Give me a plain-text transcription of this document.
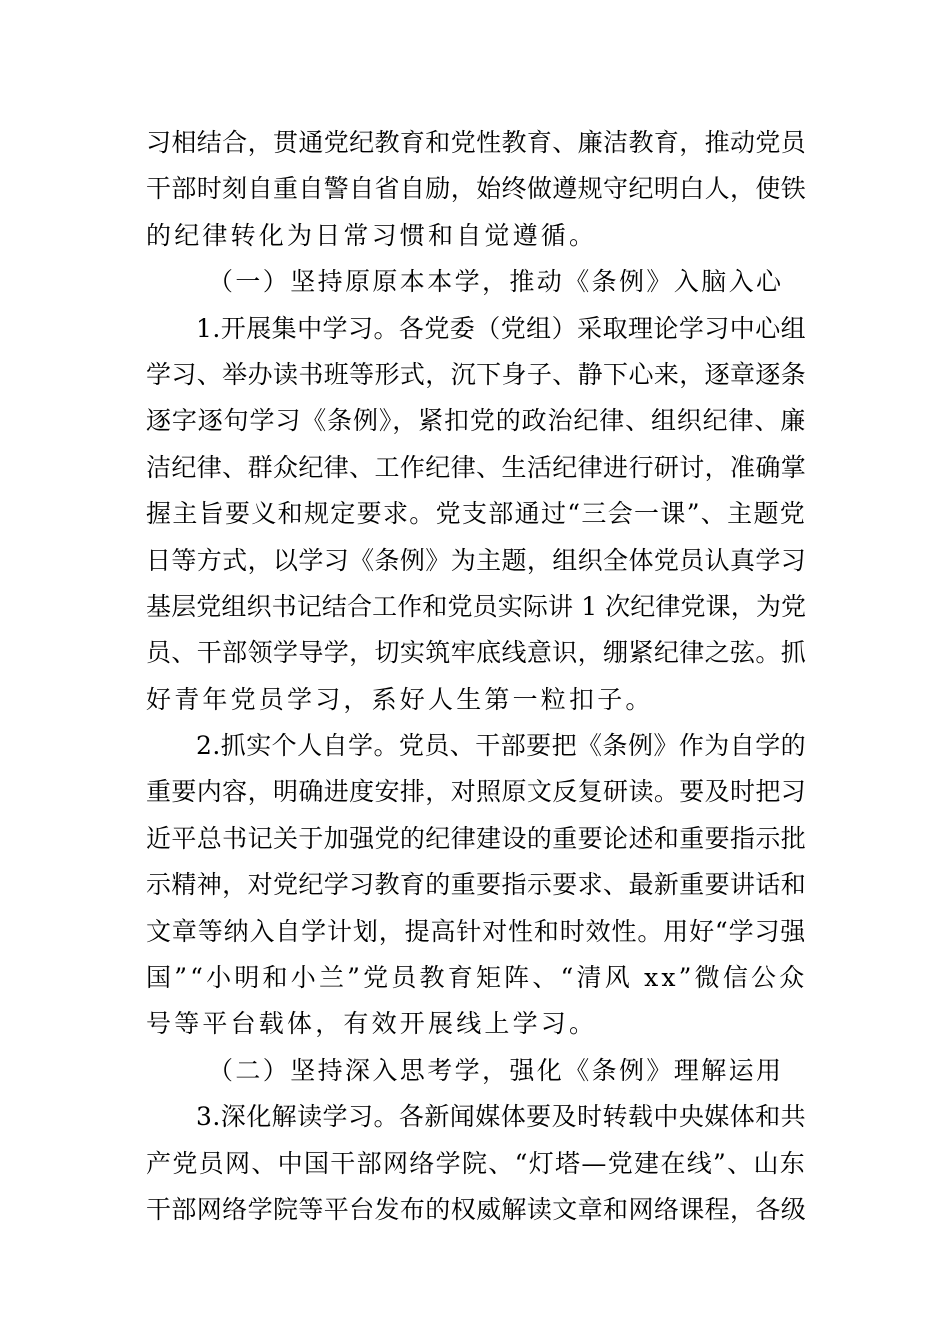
习相结合，贯通党纪教育和党性教育、廉洁教育，推动党员
干部时刻自重自警自省自励，始终做遵规守纪明白人，使铁
的纪律转化为日常习惯和自觉遵循。
（一）坚持原原本本学，推动《条例》入脑入心
1.开展集中学习。各党委（党组）采取理论学习中心组
学习、举办读书班等形式，沉下身子、静下心来，逐章逐条
逐字逐句学习《条例》，紧扣党的政治纪律、组织纪律、廉
洁纪律、群众纪律、工作纪律、生活纪律进行研讨，准确掌
握主旨要义和规定要求。党支部通过“三会一课”、主题党
日等方式，以学习《条例》为主题，组织全体党员认真学习
基层党组织书记结合工作和党员实际讲 1 次纪律党课，为党
员、干部领学导学，切实筑牢底线意识，绷紧纪律之弦。抓
好青年党员学习，系好人生第一粒扣子。
2.抓实个人自学。党员、干部要把《条例》作为自学的
重要内容，明确进度安排，对照原文反复研读。要及时把习
近平总书记关于加强党的纪律建设的重要论述和重要指示批
示精神，对党纪学习教育的重要指示要求、最新重要讲话和
文章等纳入自学计划，提高针对性和时效性。用好“学习强
国”“小明和小兰”党员教育矩阵、“清风 xx”微信公众
号等平台载体，有效开展线上学习。
（二）坚持深入思考学，强化《条例》理解运用
3.深化解读学习。各新闻媒体要及时转载中央媒体和共
产党员网、中国干部网络学院、“灯塔—党建在线”、山东
干部网络学院等平台发布的权威解读文章和网络课程，各级
